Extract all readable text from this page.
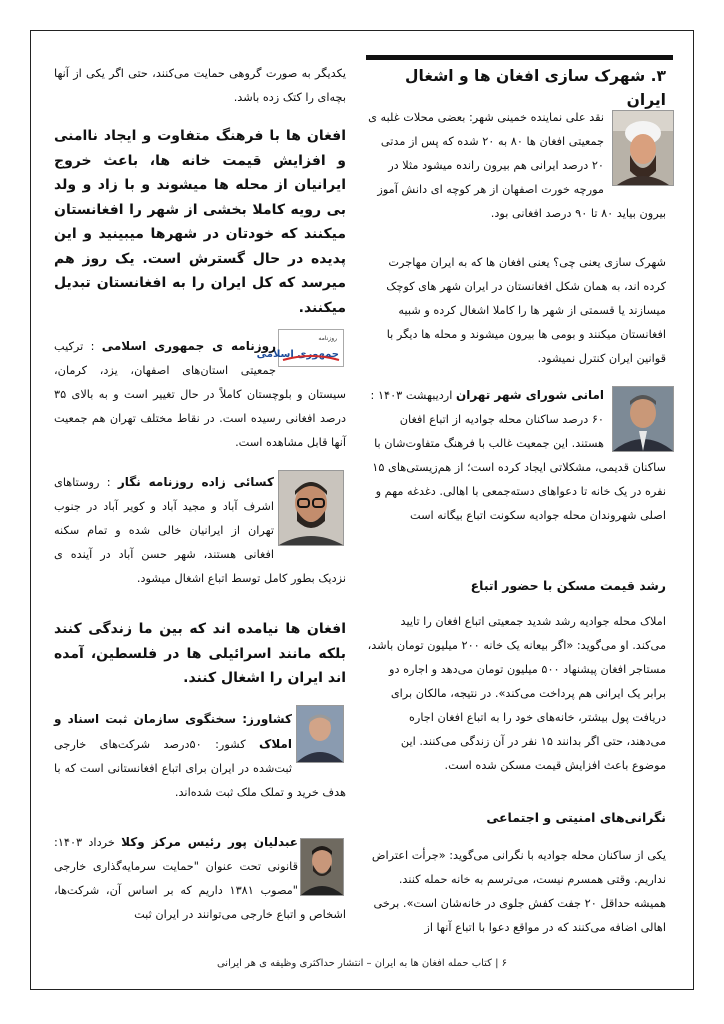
۳. شهرک سازی افغان ها و اشغال ایران

نقد علی نماینده خمینی شهر: بعضی محلات غلبه ی جمعیتی افغان ها ۸۰ به ۲۰ شده که پس از مدتی ۲۰ درصد ایرانی هم بیرون رانده میشود مثلا در مورچه خورت اصفهان از هر کوچه ای دانش آموز بیرون بیاید ۸۰ تا ۹۰ درصد افغانی بود.

شهرک سازی یعنی چی؟ یعنی افغان ها که به ایران مهاجرت کرده اند، به همان شکل افغانستان در ایران شهر های کوچک میسازند یا قسمتی از شهر ها را کاملا اشغال کرده و شبیه افغانستان میکنند و بومی ها بیرون میشوند و محله ها دیگر با قوانین ایران کنترل نمیشود.

امانی شورای شهر تهران اردیبهشت ۱۴۰۳ : ۶۰ درصد ساکنان محله جوادیه از اتباع افغان هستند. این جمعیت غالب با فرهنگ متفاوت‌شان با ساکنان قدیمی، مشکلاتی ایجاد کرده است؛ از هم‌زیستی‌های ۱۵ نفره در یک خانه تا دعواهای دسته‌جمعی با اهالی. دغدغه مهم و اصلی شهروندان محله جوادیه سکونت اتباع بیگانه است

رشد قیمت مسکن با حضور اتباع

املاک محله جوادیه رشد شدید جمعیتی اتباع افغان را تایید می‌کند. او می‌گوید: «اگر بیعانه یک خانه ۲۰۰ میلیون تومان باشد، مستاجر افغان پیشنهاد ۵۰۰ میلیون تومان می‌دهد و اجاره دو برابر یک ایرانی هم پرداخت می‌کند». در نتیجه، مالکان برای دریافت پول بیشتر، خانه‌های خود را به اتباع افغان اجاره می‌دهند، حتی اگر بدانند ۱۵ نفر در آن زندگی می‌کنند. این موضوع باعث افزایش قیمت مسکن شده است.

نگرانی‌های امنیتی و اجتماعی

یکی از ساکنان محله جوادیه با نگرانی می‌گوید: «جرأت اعتراض نداریم. وقتی همسرم نیست، می‌ترسم به خانه حمله کنند. همیشه حداقل ۲۰ جفت کفش جلوی در خانه‌شان است». برخی اهالی اضافه می‌کنند که در مواقع دعوا با اتباع آنها از

یکدیگر به صورت گروهی حمایت می‌کنند، حتی اگر یکی از آنها بچه‌ای را کتک زده باشد.

افغان ها با فرهنگ متفاوت و ایجاد ناامنی و افزایش قیمت خانه ها، باعث خروج ایرانیان از محله ها میشوند و با زاد و ولد بی رویه کاملا بخشی از شهر را افغانستان میکنند که خودتان در شهرها میبینید و این پدیده در حال گسترش است. یک روز هم میرسد که کل ایران را به افغانستان تبدیل میکنند.
روزنامه
جمهوری اسلامی

روزنامه ی جمهوری اسلامی : ترکیب جمعیتی استان‌های اصفهان، یزد، کرمان، سیستان و بلوچستان کاملاً در حال تغییر است و به بالای ۳۵ درصد افغانی رسیده است. در نقاط مختلف تهران هم جمعیت آنها قابل مشاهده است.

کسائی زاده روزنامه نگار : روستاهای اشرف آباد و مجید آباد و کویر آباد در جنوب تهران از ایرانیان خالی شده و تمام سکنه افغانی هستند، شهر حسن آباد در آینده ی نزدیک بطور کامل توسط اتباع اشغال میشود.

افغان ها نیامده اند که بین ما زندگی کنند بلکه مانند اسرائیلی ها در فلسطین، آمده اند ایران را اشغال کنند.

کشاورز: سخنگوی سازمان ثبت اسناد و املاک کشور: ۵۰درصد شرکت‌های خارجی ثبت‌شده در ایران برای اتباع افغانستانی است که با هدف خرید و تملک ملک ثبت شده‌اند.

عبدلیان پور رئیس مرکز وکلا خرداد ۱۴۰۳: قانونی تحت عنوان "حمایت سرمایه‌گذاری خارجی "مصوب ۱۳۸۱ داریم که بر اساس آن، شرکت‌ها، اشخاص و اتباع خارجی می‌توانند در ایران ثبت

۶ | کتاب حمله افغان ها به ایران – انتشار حداکثری وظیفه ی هر ایرانی
